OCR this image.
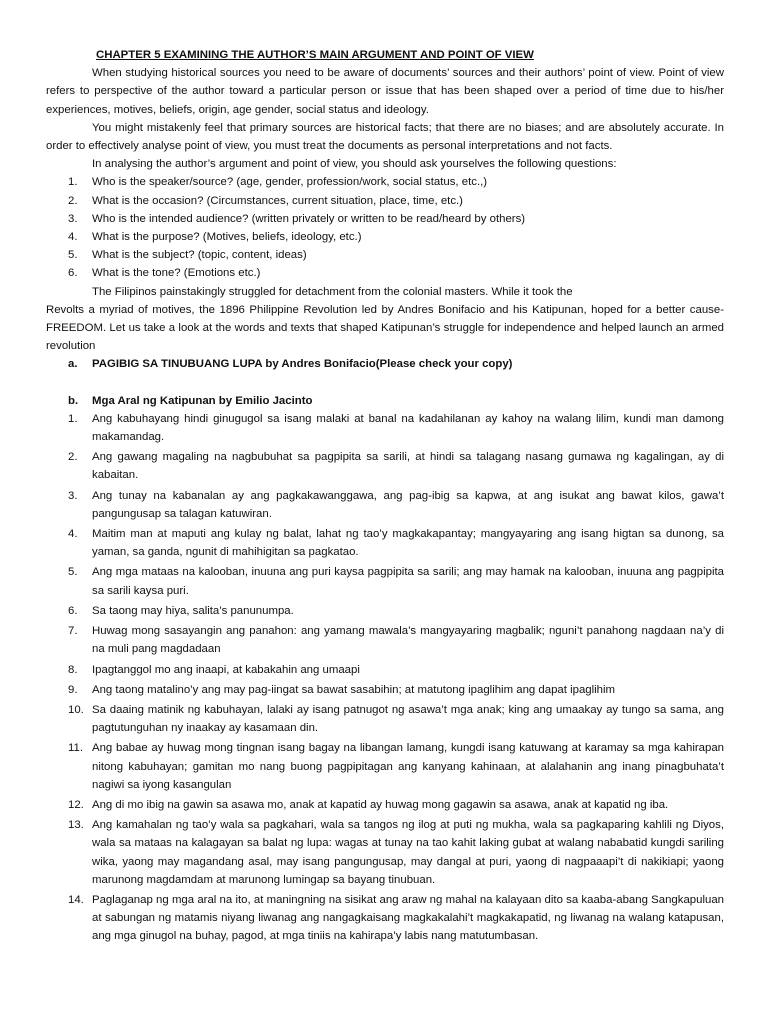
CHAPTER 5 EXAMINING THE AUTHOR’S MAIN ARGUMENT AND POINT OF VIEW

When studying historical sources you need to be aware of documents’ sources and their authors’ point of view. Point of view refers to perspective of the author toward a particular person or issue that has been shaped over a period of time due to his/her experiences, motives, beliefs, origin, age gender, social status and ideology.

You might mistakenly feel that primary sources are historical facts; that there are no biases; and are absolutely accurate. In order to effectively analyse point of view, you must treat the documents as personal interpretations and not facts.

In analysing the author’s argument and point of view, you should ask yourselves the following questions:

1. Who is the speaker/source? (age, gender, profession/work, social status, etc.,)
2. What is the occasion? (Circumstances, current situation, place, time, etc.)
3. Who is the intended audience? (written privately or written to be read/heard by others)
4. What is the purpose? (Motives, beliefs, ideology, etc.)
5. What is the subject? (topic, content, ideas)
6. What is the tone? (Emotions etc.)

The Filipinos painstakingly struggled for detachment from the colonial masters. While it took the

Revolts a myriad of motives, the 1896 Philippine Revolution led by Andres Bonifacio and his Katipunan, hoped for a better cause- FREEDOM. Let us take a look at the words and texts that shaped Katipunan’s struggle for independence and helped launch an armed revolution

a. PAGIBIG SA TINUBUANG LUPA by Andres Bonifacio(Please check your copy)

b. Mga Aral ng Katipunan by Emilio Jacinto

1. Ang kabuhayang hindi ginugugol sa isang malaki at banal na kadahilanan ay kahoy na walang lilim, kundi man damong makamandag.
2. Ang gawang magaling na nagbubuhat sa pagpipita sa sarili, at hindi sa talagang nasang gumawa ng kagalingan, ay di kabaitan.
3. Ang tunay na kabanalan ay ang pagkakawanggawa, ang pag-ibig sa kapwa, at ang isukat ang bawat kilos, gawa’t pangungusap sa talagan katuwiran.
4. Maitim man at maputi ang kulay ng balat, lahat ng tao’y magkakapantay; mangyayaring ang isang higtan sa dunong, sa yaman, sa ganda, ngunit di mahihigitan sa pagkatao.
5. Ang mga mataas na kalooban, inuuna ang puri kaysa pagpipita sa sarili; ang may hamak na kalooban, inuuna ang pagpipita sa sarili kaysa puri.
6. Sa taong may hiya, salita’s panunumpa.
7. Huwag mong sasayangin ang panahon: ang yamang mawala’s mangyayaring magbalik; nguni’t panahong nagdaan na’y di na muli pang magdadaan
8. Ipagtanggol mo ang inaapi, at kabakahin ang umaapi
9. Ang taong matalino’y ang may pag-iingat sa bawat sasabihin; at matutong ipaglihim ang dapat ipaglihim
10. Sa daaing matinik ng kabuhayan, lalaki ay isang patnugot ng asawa’t mga anak; king ang umaakay ay tungo sa sama, ang pagtutunguhan ny inaakay ay kasamaan din.
11. Ang babae ay huwag mong tingnan isang bagay na libangan lamang, kungdi isang katuwang at karamay sa mga kahirapan nitong kabuhayan; gamitan mo nang buong pagpipitagan ang kanyang kahinaan, at alalahanin ang inang pinagbuhata’t nagiwi sa iyong kasangulan
12. Ang di mo ibig na gawin sa asawa mo, anak at kapatid ay huwag mong gagawin sa asawa, anak at kapatid ng iba.
13. Ang kamahalan ng tao’y wala sa pagkahari, wala sa tangos ng ilog at puti ng mukha, wala sa pagkaparing kahlili ng Diyos, wala sa mataas na kalagayan sa balat ng lupa: wagas at tunay na tao kahit laking gubat at walang nababatid kungdi sariling wika, yaong may magandang asal, may isang pangungusap, may dangal at puri, yaong di nagpaaapi’t di nakikiapi; yaong marunong magdamdam at marunong lumingap sa bayang tinubuan.
14. Paglaganap ng mga aral na ito, at maningning na sisikat ang araw ng mahal na kalayaan dito sa kaaba-abang Sangkapuluan at sabungan ng matamis niyang liwanag ang nangagkaisang magkakalahi’t magkakapatid, ng liwanag na walang katapusan, ang mga ginugol na buhay, pagod, at mga tiniis na kahirapa’y labis nang matutumbasan.
